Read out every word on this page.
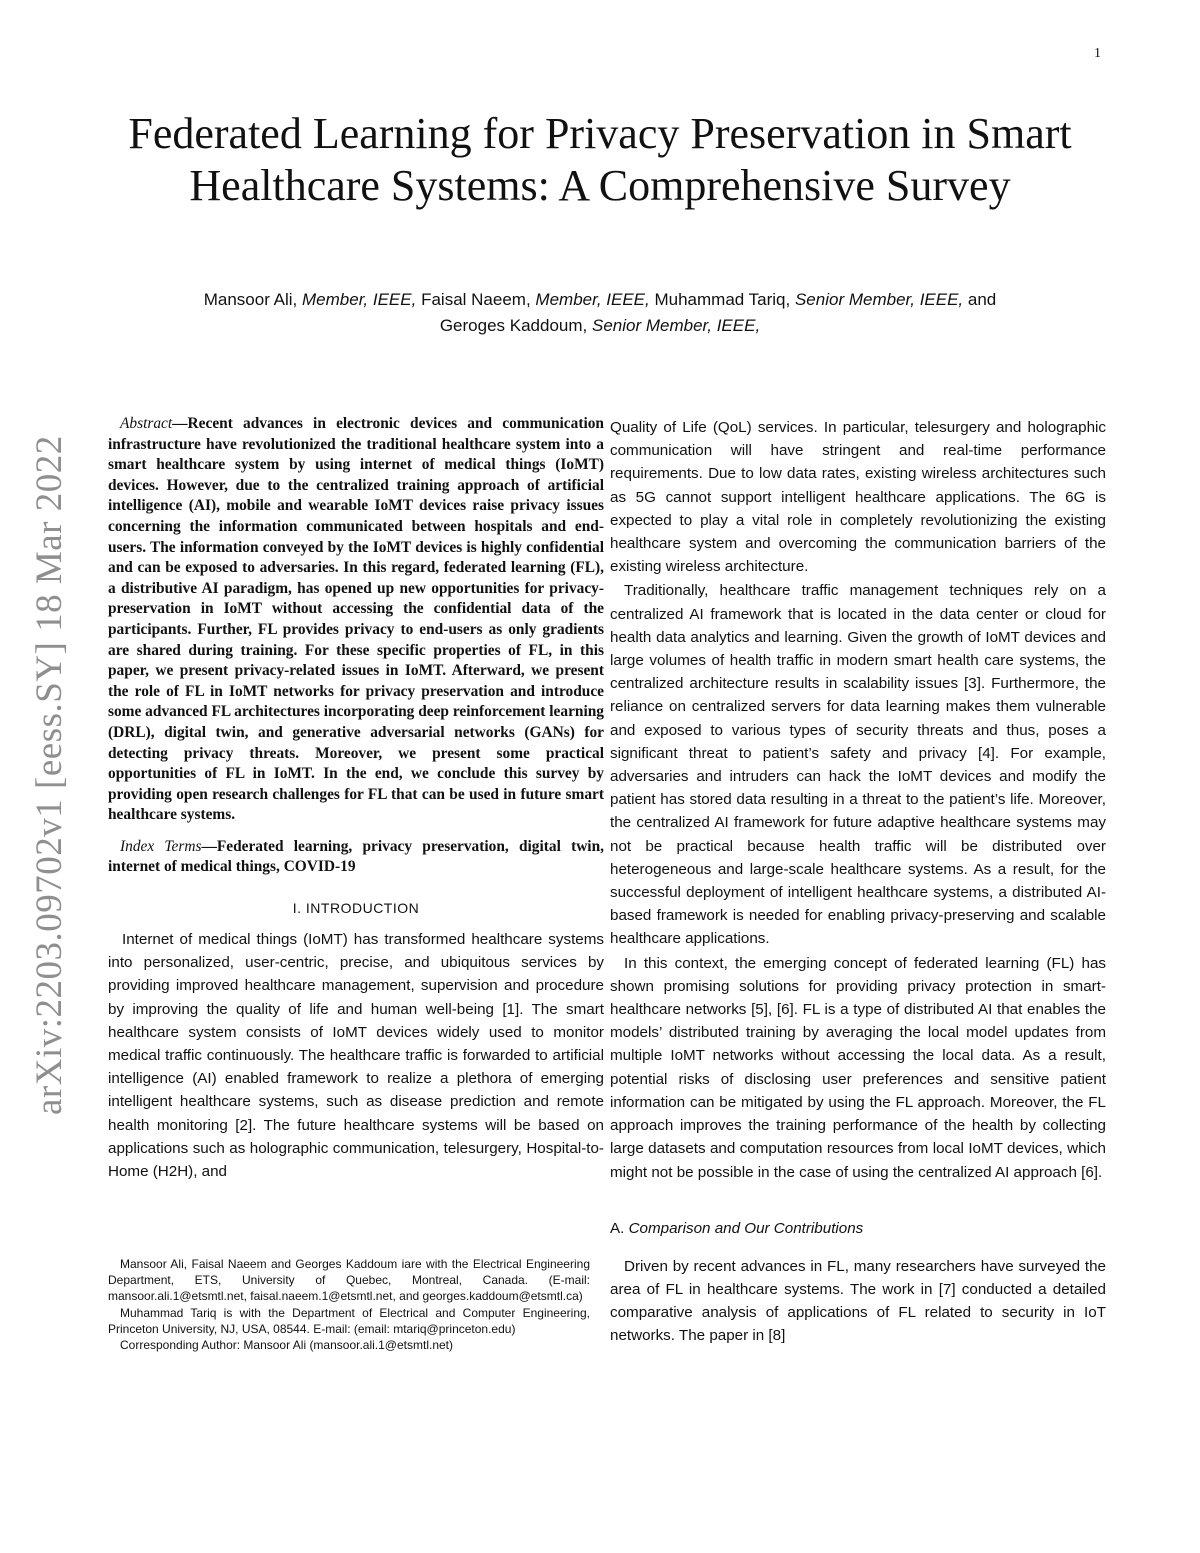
1
arXiv:2203.09702v1 [eess.SY] 18 Mar 2022
Federated Learning for Privacy Preservation in Smart Healthcare Systems: A Comprehensive Survey
Mansoor Ali, Member, IEEE, Faisal Naeem, Member, IEEE, Muhammad Tariq, Senior Member, IEEE, and
Geroges Kaddoum, Senior Member, IEEE,

Abstract—Recent advances in electronic devices and communication infrastructure have revolutionized the traditional healthcare system into a smart healthcare system by using internet of medical things (IoMT) devices. However, due to the centralized training approach of artificial intelligence (AI), mobile and wearable IoMT devices raise privacy issues concerning the information communicated between hospitals and end-users. The information conveyed by the IoMT devices is highly confidential and can be exposed to adversaries. In this regard, federated learning (FL), a distributive AI paradigm, has opened up new opportunities for privacy-preservation in IoMT without accessing the confidential data of the participants. Further, FL provides privacy to end-users as only gradients are shared during training. For these specific properties of FL, in this paper, we present privacy-related issues in IoMT. Afterward, we present the role of FL in IoMT networks for privacy preservation and introduce some advanced FL architectures incorporating deep reinforcement learning (DRL), digital twin, and generative adversarial networks (GANs) for detecting privacy threats. Moreover, we present some practical opportunities of FL in IoMT. In the end, we conclude this survey by providing open research challenges for FL that can be used in future smart healthcare systems.

Index Terms—Federated learning, privacy preservation, digital twin, internet of medical things, COVID-19

I. INTRODUCTION

Internet of medical things (IoMT) has transformed healthcare systems into personalized, user-centric, precise, and ubiquitous services by providing improved healthcare management, supervision and procedure by improving the quality of life and human well-being [1]. The smart healthcare system consists of IoMT devices widely used to monitor medical traffic continuously. The healthcare traffic is forwarded to artificial intelligence (AI) enabled framework to realize a plethora of emerging intelligent healthcare systems, such as disease prediction and remote health monitoring [2]. The future healthcare systems will be based on applications such as holographic communication, telesurgery, Hospital-to-Home (H2H), and

Mansoor Ali, Faisal Naeem and Georges Kaddoum iare with the Electrical Engineering Department, ETS, University of Quebec, Montreal, Canada. (E-mail: mansoor.ali.1@etsmtl.net, faisal.naeem.1@etsmtl.net, and georges.kaddoum@etsmtl.ca)

Muhammad Tariq is with the Department of Electrical and Computer Engineering, Princeton University, NJ, USA, 08544. E-mail: (email: mtariq@princeton.edu)

Corresponding Author: Mansoor Ali (mansoor.ali.1@etsmtl.net)

Quality of Life (QoL) services. In particular, telesurgery and holographic communication will have stringent and real-time performance requirements. Due to low data rates, existing wireless architectures such as 5G cannot support intelligent healthcare applications. The 6G is expected to play a vital role in completely revolutionizing the existing healthcare system and overcoming the communication barriers of the existing wireless architecture.

Traditionally, healthcare traffic management techniques rely on a centralized AI framework that is located in the data center or cloud for health data analytics and learning. Given the growth of IoMT devices and large volumes of health traffic in modern smart health care systems, the centralized architecture results in scalability issues [3]. Furthermore, the reliance on centralized servers for data learning makes them vulnerable and exposed to various types of security threats and thus, poses a significant threat to patient’s safety and privacy [4]. For example, adversaries and intruders can hack the IoMT devices and modify the patient has stored data resulting in a threat to the patient’s life. Moreover, the centralized AI framework for future adaptive healthcare systems may not be practical because health traffic will be distributed over heterogeneous and large-scale healthcare systems. As a result, for the successful deployment of intelligent healthcare systems, a distributed AI-based framework is needed for enabling privacy-preserving and scalable healthcare applications.

In this context, the emerging concept of federated learning (FL) has shown promising solutions for providing privacy protection in smart-healthcare networks [5], [6]. FL is a type of distributed AI that enables the models’ distributed training by averaging the local model updates from multiple IoMT networks without accessing the local data. As a result, potential risks of disclosing user preferences and sensitive patient information can be mitigated by using the FL approach. Moreover, the FL approach improves the training performance of the health by collecting large datasets and computation resources from local IoMT devices, which might not be possible in the case of using the centralized AI approach [6].

A. Comparison and Our Contributions

Driven by recent advances in FL, many researchers have surveyed the area of FL in healthcare systems. The work in [7] conducted a detailed comparative analysis of applications of FL related to security in IoT networks. The paper in [8]
